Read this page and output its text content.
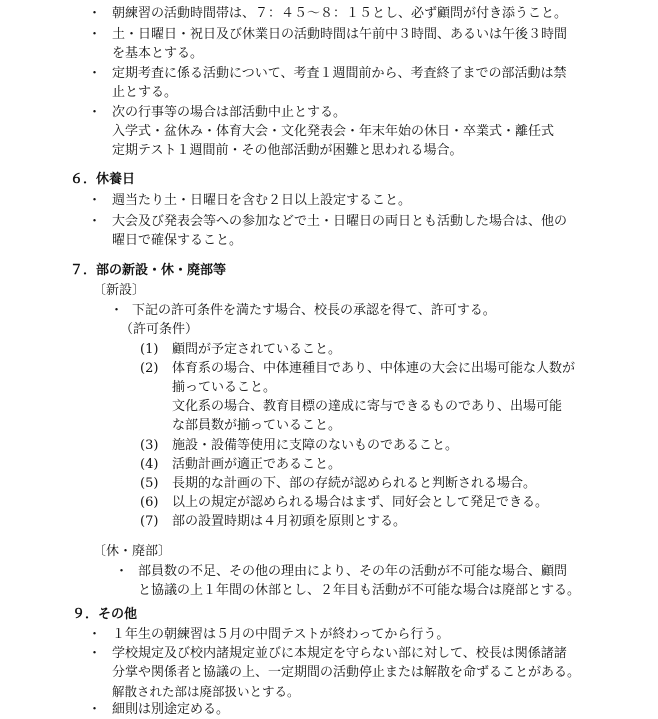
・ 朝練習の活動時間帯は、７：４５～８：１５とし、必ず顧問が付き添うこと。
・ 土・日曜日・祝日及び休業日の活動時間は午前中３時間、あるいは午後３時間
を基本とする。
・ 定期考査に係る活動について、考査１週間前から、考査終了までの部活動は禁
止とする。
・ 次の行事等の場合は部活動中止とする。
入学式・盆休み・体育大会・文化発表会・年末年始の休日・卒業式・離任式
定期テスト１週間前・その他部活動が困難と思われる場合。
６．休養日
・ 週当たり土・日曜日を含む２日以上設定すること。
・ 大会及び発表会等への参加などで土・日曜日の両日とも活動した場合は、他の
曜日で確保すること。
７．部の新設・休・廃部等
〔新設〕
・ 下記の許可条件を満たす場合、校長の承認を得て、許可する。
（許可条件）
(1) 顧問が予定されていること。
(2) 体育系の場合、中体連種目であり、中体連の大会に出場可能な人数が
揃っていること。
文化系の場合、教育目標の達成に寄与できるものであり、出場可能
な部員数が揃っていること。
(3) 施設・設備等使用に支障のないものであること。
(4) 活動計画が適正であること。
(5) 長期的な計画の下、部の存続が認められると判断される場合。
(6) 以上の規定が認められる場合はまず、同好会として発足できる。
(7) 部の設置時期は４月初頭を原則とする。
〔休・廃部〕
・ 部員数の不足、その他の理由により、その年の活動が不可能な場合、顧問
と協議の上１年間の休部とし、２年目も活動が不可能な場合は廃部とする。
９．その他
・ １年生の朝練習は５月の中間テストが終わってから行う。
・ 学校規定及び校内諸規定並びに本規定を守らない部に対して、校長は関係諸諸
分掌や関係者と協議の上、一定期間の活動停止または解散を命ずることがある。
解散された部は廃部扱いとする。
・ 細則は別途定める。
